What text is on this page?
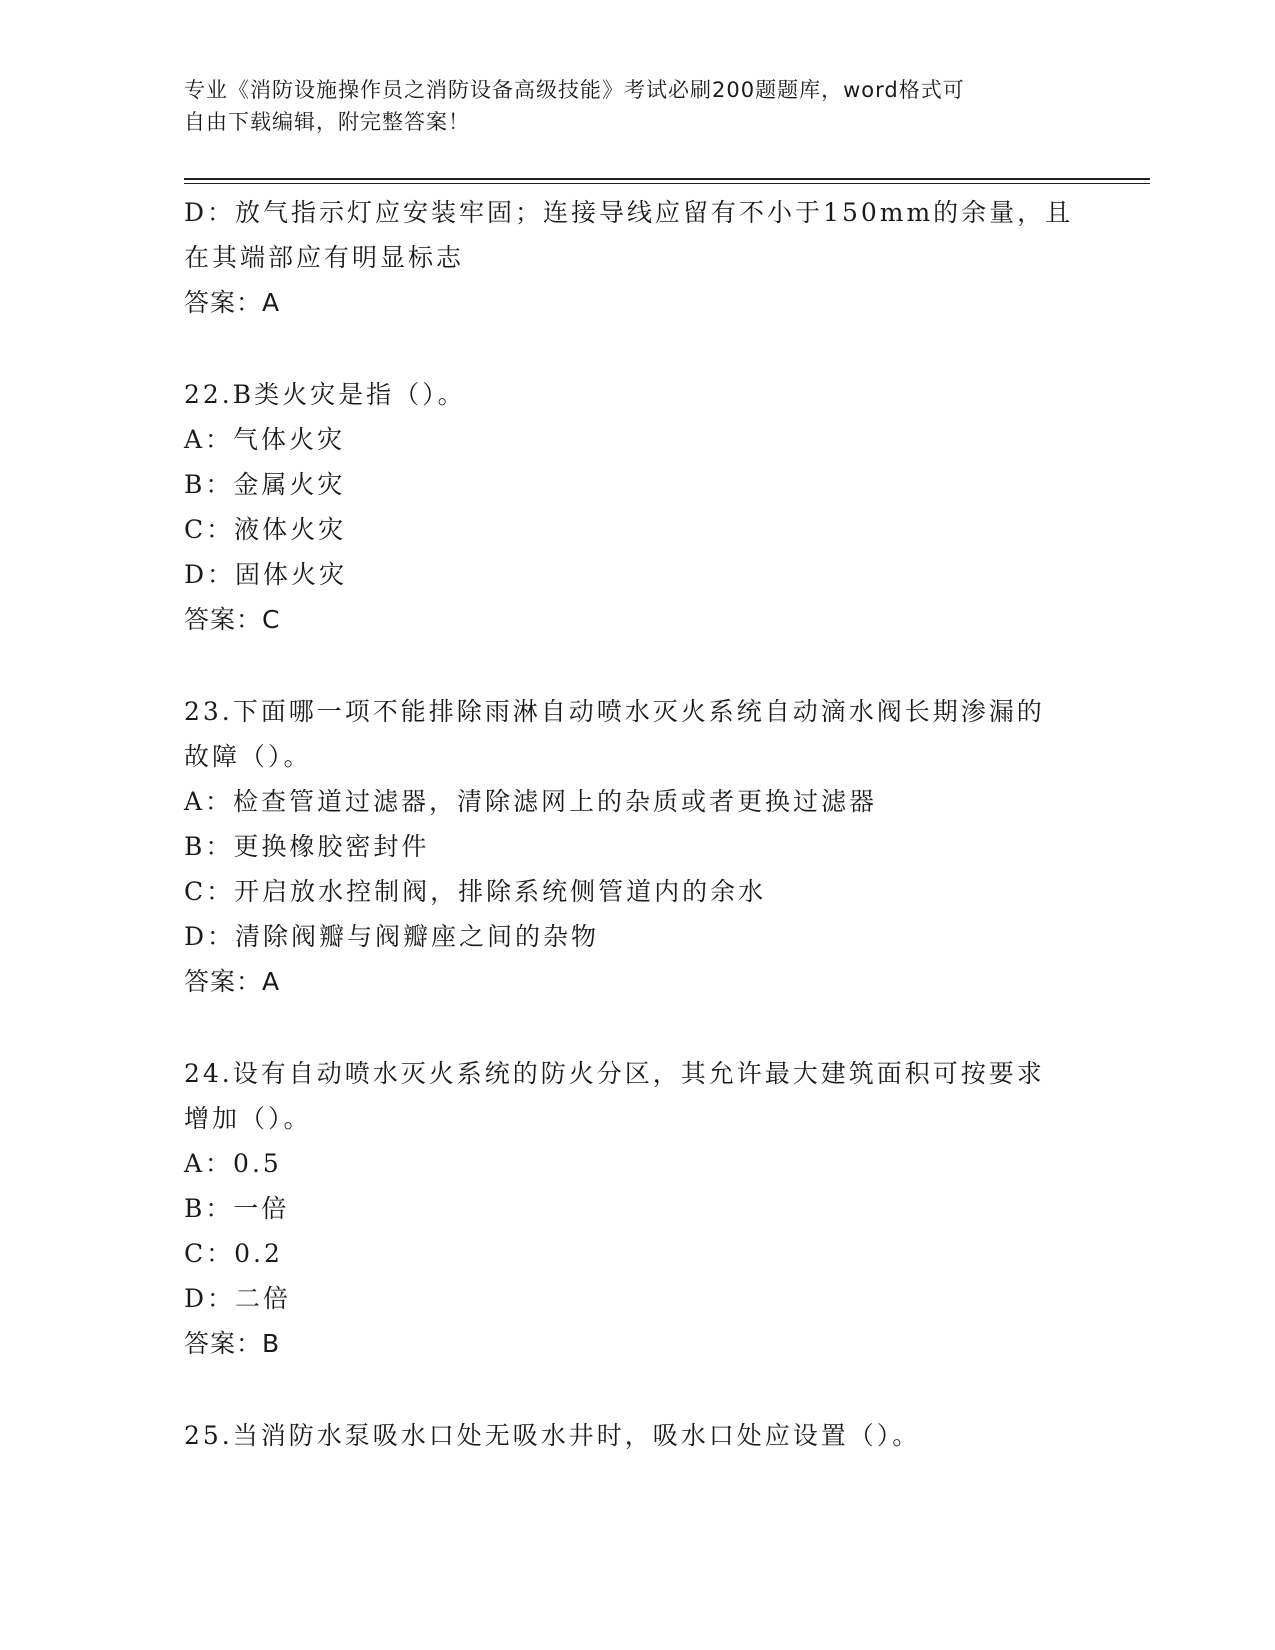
专业《消防设施操作员之消防设备高级技能》考试必刷200题题库，word格式可
自由下载编辑，附完整答案！
D：放气指示灯应安装牢固；连接导线应留有不小于150mm的余量，且
在其端部应有明显标志
答案：A
22.B类火灾是指（）。
A：气体火灾
B：金属火灾
C：液体火灾
D：固体火灾
答案：C
23.下面哪一项不能排除雨淋自动喷水灭火系统自动滴水阀长期渗漏的
故障（）。
A：检查管道过滤器，清除滤网上的杂质或者更换过滤器
B：更换橡胶密封件
C：开启放水控制阀，排除系统侧管道内的余水
D：清除阀瓣与阀瓣座之间的杂物
答案：A
24.设有自动喷水灭火系统的防火分区，其允许最大建筑面积可按要求
增加（）。
A：0.5
B：一倍
C：0.2
D：二倍
答案：B
25.当消防水泵吸水口处无吸水井时，吸水口处应设置（）。
